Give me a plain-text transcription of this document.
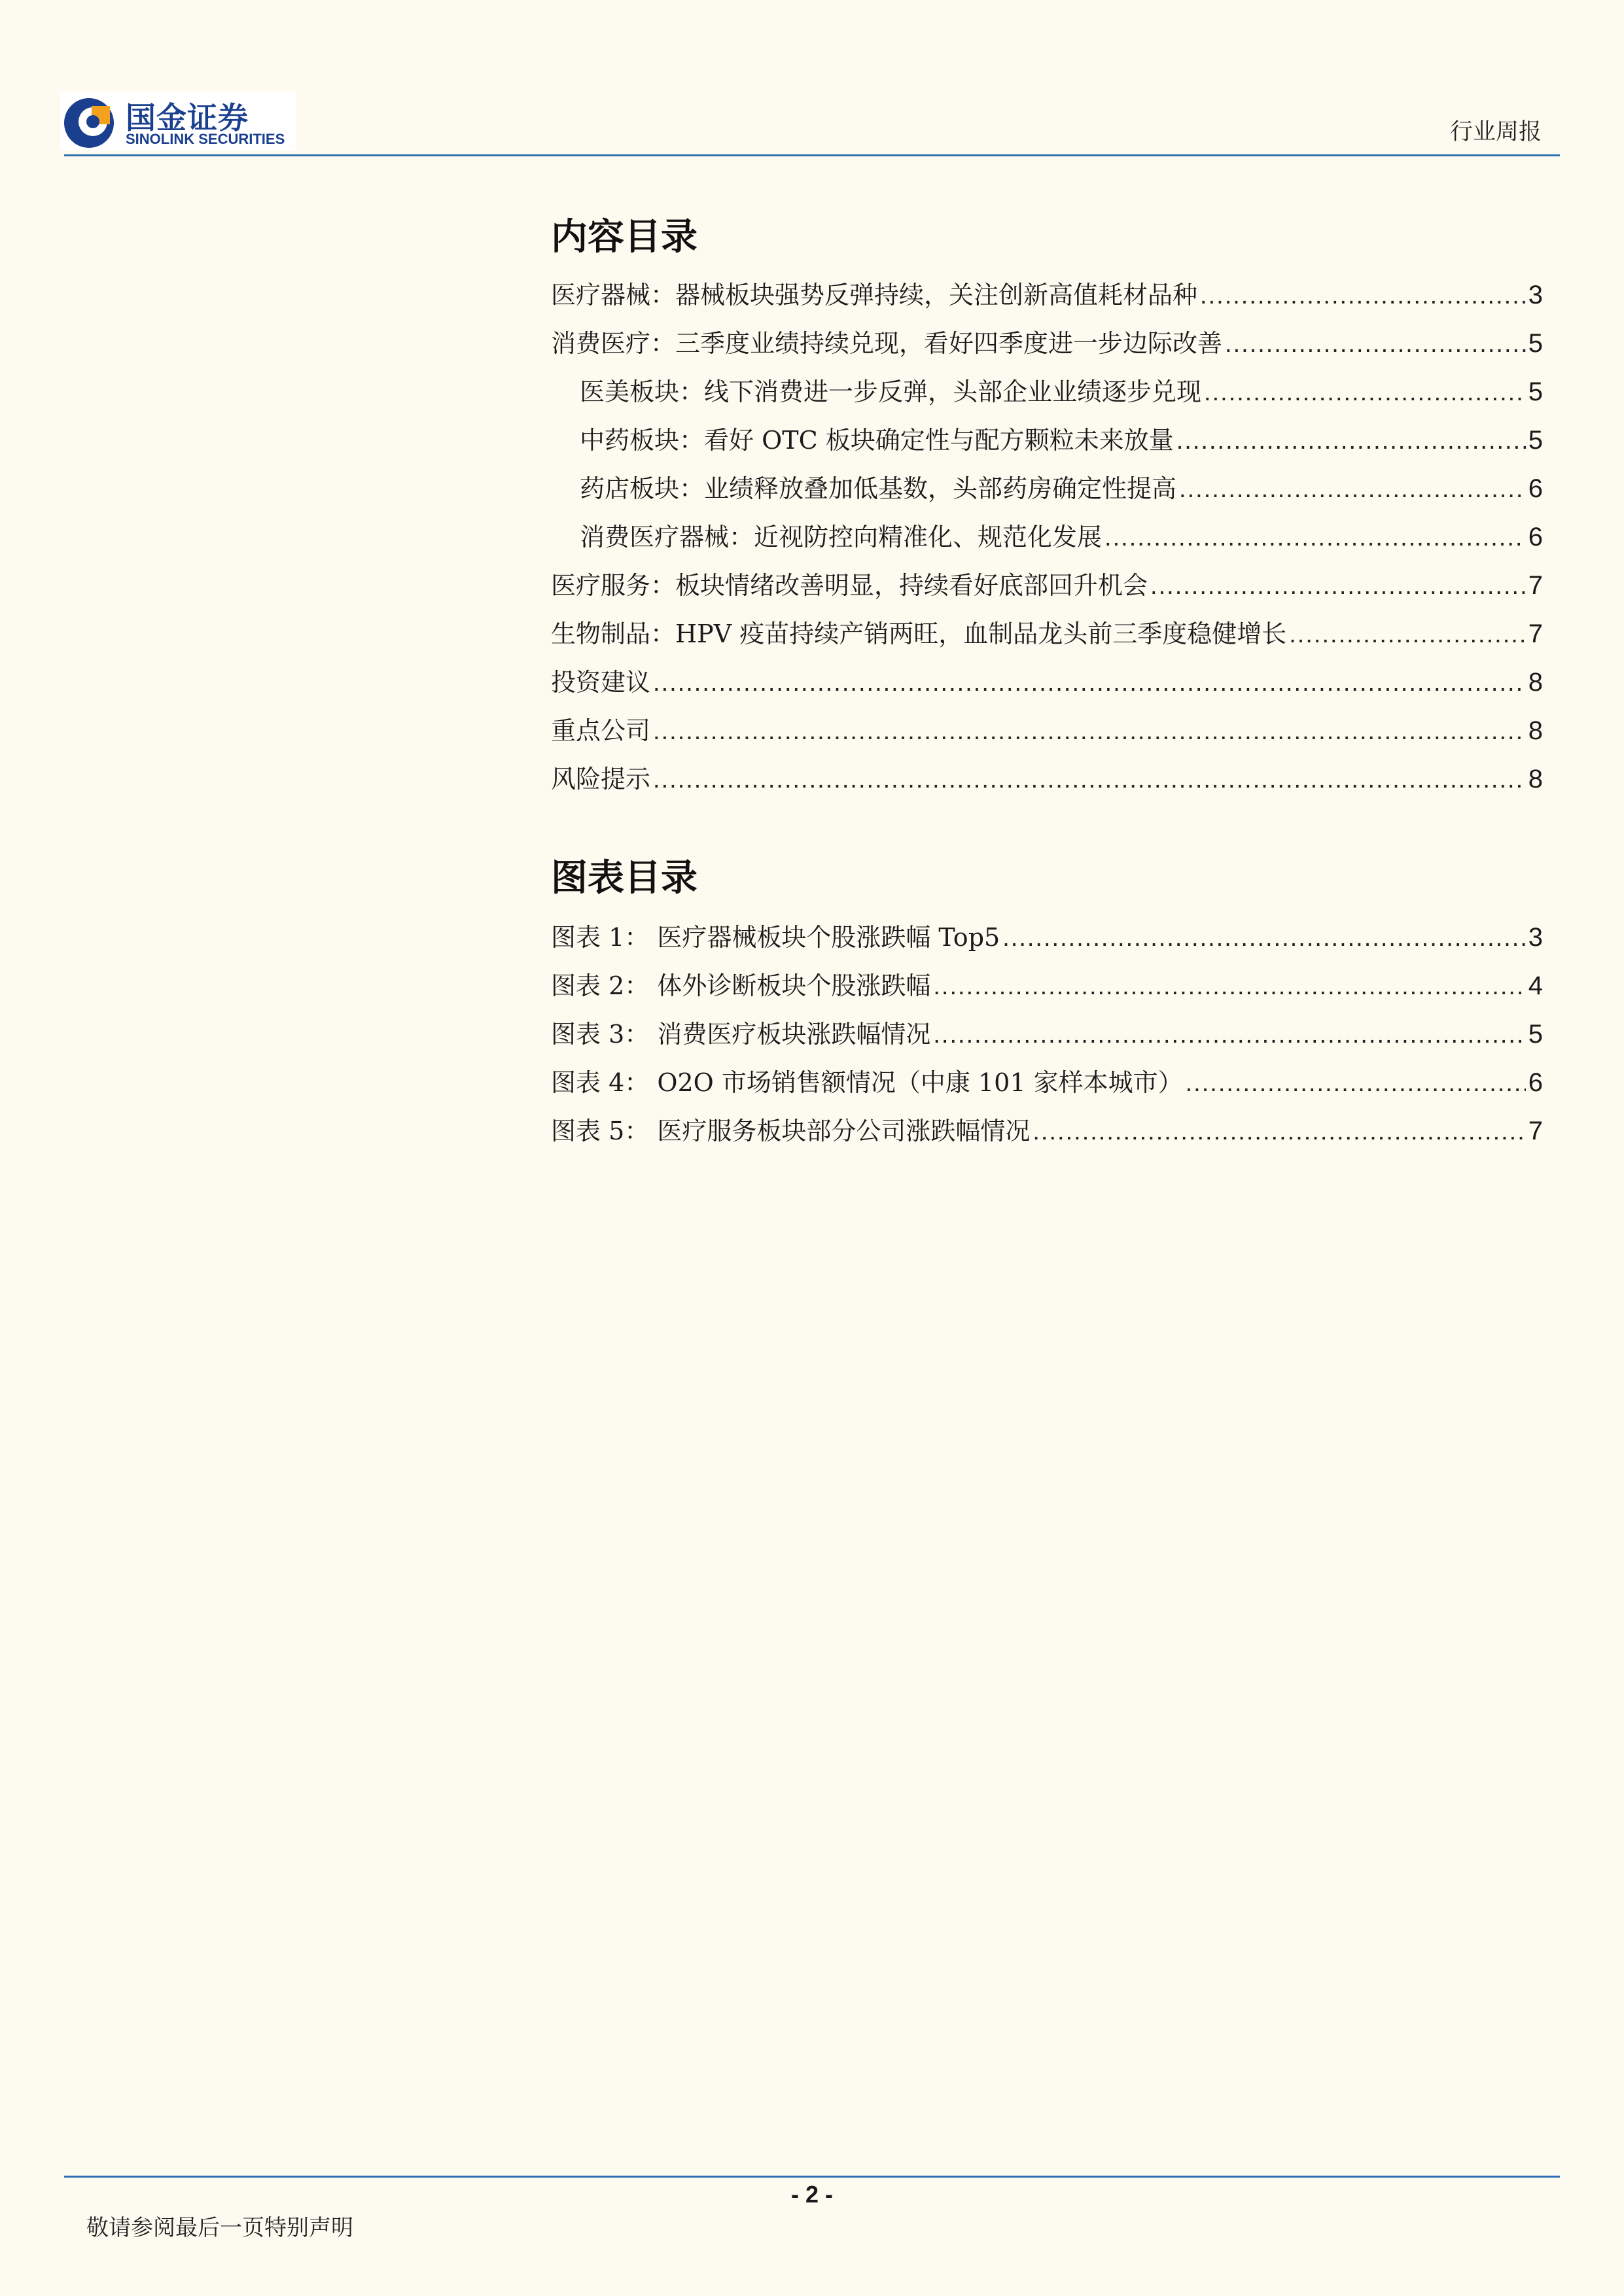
国金证券
SINOLINK SECURITIES	行业周报
内容目录
医疗器械：器械板块强势反弹持续，关注创新高值耗材品种 .....	3
消费医疗：三季度业绩持续兑现，看好四季度进一步边际改善 .....	5
医美板块：线下消费进一步反弹，头部企业业绩逐步兑现 .....	5
中药板块：看好 OTC 板块确定性与配方颗粒未来放量 .....	5
药店板块：业绩释放叠加低基数，头部药房确定性提高 .....	6
消费医疗器械：近视防控向精准化、规范化发展 .....	6
医疗服务：板块情绪改善明显，持续看好底部回升机会 .....	7
生物制品：HPV 疫苗持续产销两旺，血制品龙头前三季度稳健增长 .....	7
投资建议 .....	8
重点公司 .....	8
风险提示 .....	8
图表目录
图表 1： 医疗器械板块个股涨跌幅 Top5 .....	3
图表 2： 体外诊断板块个股涨跌幅 .....	4
图表 3： 消费医疗板块涨跌幅情况 .....	5
图表 4： O2O 市场销售额情况（中康 101 家样本城市） .....	6
图表 5： 医疗服务板块部分公司涨跌幅情况 .....	7
- 2 -
敬请参阅最后一页特别声明
